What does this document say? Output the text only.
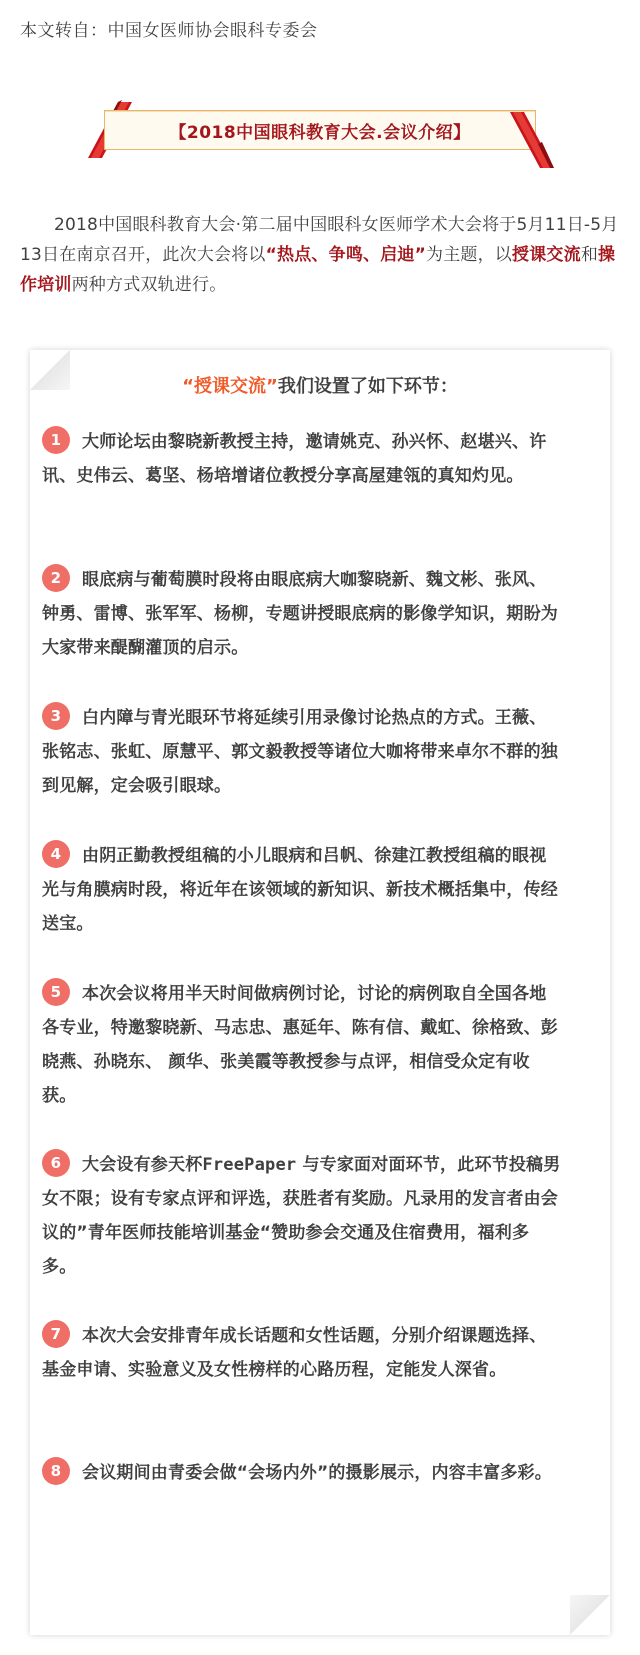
本文转自：中国女医师协会眼科专委会
【2018中国眼科教育大会.会议介绍】
2018中国眼科教育大会·第二届中国眼科女医师学术大会将于5月11日-5月13日在南京召开，此次大会将以“热点、争鸣、启迪”为主题，以授课交流和操作培训两种方式双轨进行。
“授课交流”我们设置了如下环节：
1 大师论坛由黎晓新教授主持，邀请姚克、孙兴怀、赵堪兴、许讯、史伟云、葛坚、杨培增诸位教授分享高屋建瓴的真知灼见。
2 眼底病与葡萄膜时段将由眼底病大咖黎晓新、魏文彬、张风、钟勇、雷博、张军军、杨柳，专题讲授眼底病的影像学知识，期盼为大家带来醍醐灌顶的启示。
3 白内障与青光眼环节将延续引用录像讨论热点的方式。王薇、张铭志、张虹、原慧平、郭文毅教授等诸位大咖将带来卓尔不群的独到见解，定会吸引眼球。
4 由阴正勤教授组稿的小儿眼病和吕帆、徐建江教授组稿的眼视光与角膜病时段，将近年在该领域的新知识、新技术概括集中，传经送宝。
5 本次会议将用半天时间做病例讨论，讨论的病例取自全国各地各专业，特邀黎晓新、马志忠、惠延年、陈有信、戴虹、徐格致、彭晓燕、孙晓东、 颜华、张美霞等教授参与点评，相信受众定有收获。
6 大会设有参天杯FreePaper 与专家面对面环节，此环节投稿男女不限；设有专家点评和评选，获胜者有奖励。凡录用的发言者由会议的”青年医师技能培训基金“赞助参会交通及住宿费用，福利多多。
7 本次大会安排青年成长话题和女性话题，分别介绍课题选择、基金申请、实验意义及女性榜样的心路历程，定能发人深省。
8 会议期间由青委会做“会场内外”的摄影展示，内容丰富多彩。
